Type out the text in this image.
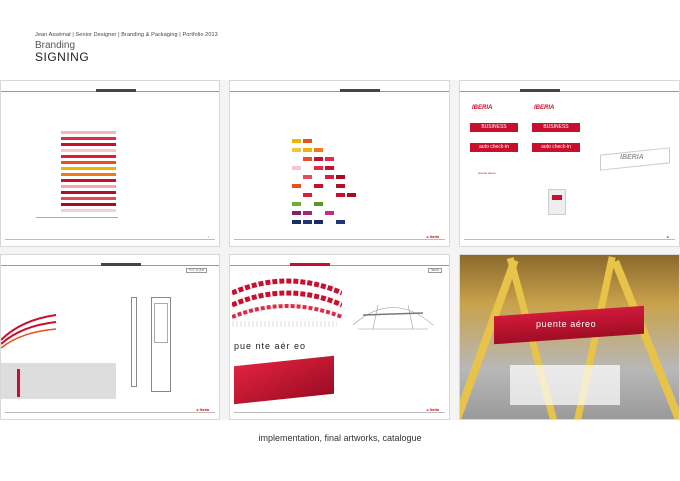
Jean Assémat | Senior Designer | Branding & Packaging | Portfolio 2013
Branding
SIGNING
▪	▸ Iberia
IBERIA	IBERIA
BUSINESS	BUSINESS
auto check-in	auto check-in
puente aéreo
IBERIA
▸
TOT_12_B48
▸ Iberia
IBERIA
pue nte aér eo
▸ Iberia
puente aéreo
implementation, final artworks, catalogue
